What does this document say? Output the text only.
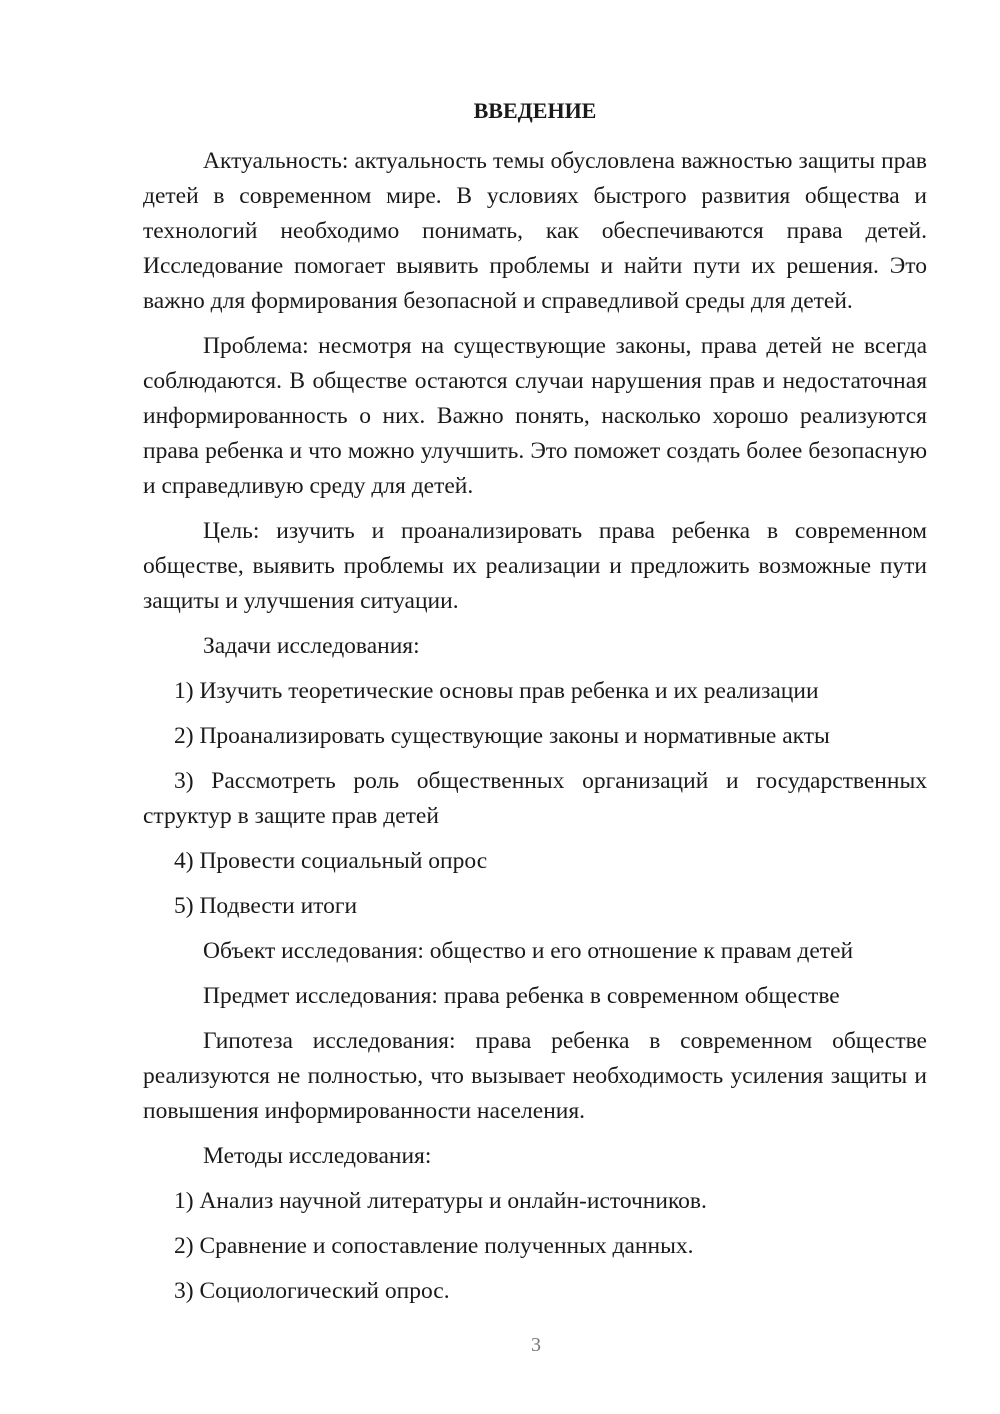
ВВЕДЕНИЕ
Актуальность: актуальность темы обусловлена важностью защиты прав детей в современном мире. В условиях быстрого развития общества и технологий необходимо понимать, как обеспечиваются права детей. Исследование помогает выявить проблемы и найти пути их решения. Это важно для формирования безопасной и справедливой среды для детей.
Проблема: несмотря на существующие законы, права детей не всегда соблюдаются. В обществе остаются случаи нарушения прав и недостаточная информированность о них. Важно понять, насколько хорошо реализуются права ребенка и что можно улучшить. Это поможет создать более безопасную и справедливую среду для детей.
Цель: изучить и проанализировать права ребенка в современном обществе, выявить проблемы их реализации и предложить возможные пути защиты и улучшения ситуации.
Задачи исследования:
1) Изучить теоретические основы прав ребенка и их реализации
2) Проанализировать существующие законы и нормативные акты
3) Рассмотреть роль общественных организаций и государственных структур в защите прав детей
4) Провести социальный опрос
5) Подвести итоги
Объект исследования: общество и его отношение к правам детей
Предмет исследования: права ребенка в современном обществе
Гипотеза исследования: права ребенка в современном обществе реализуются не полностью, что вызывает необходимость усиления защиты и повышения информированности населения.
Методы исследования:
1) Анализ научной литературы и онлайн-источников.
2) Сравнение и сопоставление полученных данных.
3) Социологический опрос.
3
